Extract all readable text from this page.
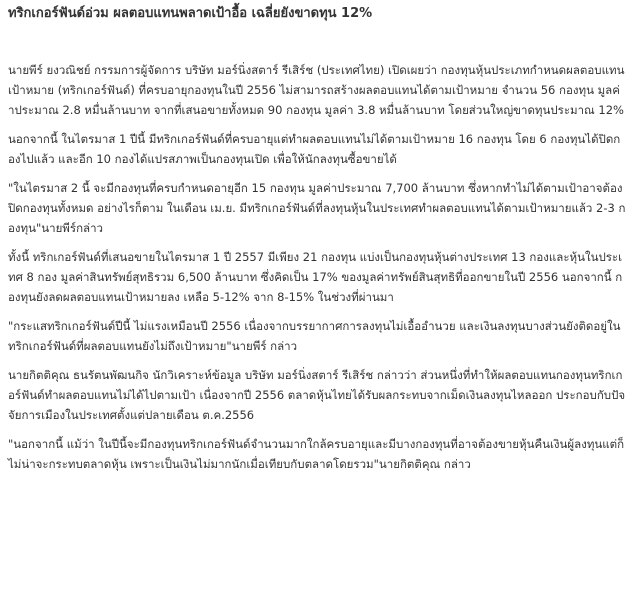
ทริกเกอร์ฟันด์อ่วม ผลตอบแทนพลาดเป้าอื้อ เฉลี่ยยังขาดทุน 12%

นายพีร์ ยงวณิชย์ กรรมการผู้จัดการ บริษัท มอร์นิ่งสตาร์ รีเสิร์ช (ประเทศไทย) เปิดเผยว่า กองทุนหุ้นประเภทกำหนดผลตอบแทนเป้าหมาย (ทริกเกอร์ฟันด์) ที่ครบอายุกองทุนในปี 2556 ไม่สามารถสร้างผลตอบแทนได้ตามเป้าหมาย จำนวน 56 กองทุน มูลค่าประมาณ 2.8 หมื่นล้านบาท จากที่เสนอขายทั้งหมด 90 กองทุน มูลค่า 3.8 หมื่นล้านบาท โดยส่วนใหญ่ขาดทุนประมาณ 12%

นอกจากนี้ ในไตรมาส 1 ปีนี้ มีทริกเกอร์ฟันด์ที่ครบอายุแต่ทำผลตอบแทนไม่ได้ตามเป้าหมาย 16 กองทุน โดย 6 กองทุนได้ปิดกองไปแล้ว และอีก 10 กองได้แปรสภาพเป็นกองทุนเปิด เพื่อให้นักลงทุนซื้อขายได้

"ในไตรมาส 2 นี้ จะมีกองทุนที่ครบกำหนดอายุอีก 15 กองทุน มูลค่าประมาณ 7,700 ล้านบาท ซึ่งหากทำไม่ได้ตามเป้าอาจต้องปิดกองทุนทั้งหมด อย่างไรก็ตาม ในเดือน เม.ย. มีทริกเกอร์ฟันด์ที่ลงทุนหุ้นในประเทศทำผลตอบแทนได้ตามเป้าหมายแล้ว 2-3 กองทุน"นายพีร์กล่าว

ทั้งนี้ ทริกเกอร์ฟันด์ที่เสนอขายในไตรมาส 1 ปี 2557 มีเพียง 21 กองทุน แบ่งเป็นกองทุนหุ้นต่างประเทศ 13 กองและหุ้นในประเทศ 8 กอง มูลค่าสินทรัพย์สุทธิรวม 6,500 ล้านบาท ซึ่งคิดเป็น 17% ของมูลค่าทรัพย์สินสุทธิที่ออกขายในปี 2556 นอกจากนี้ กองทุนยังลดผลตอบแทนเป้าหมายลง เหลือ 5-12% จาก 8-15% ในช่วงที่ผ่านมา

"กระแสทริกเกอร์ฟันด์ปีนี้ ไม่แรงเหมือนปี 2556 เนื่องจากบรรยากาศการลงทุนไม่เอื้ออำนวย และเงินลงทุนบางส่วนยังติดอยู่ในทริกเกอร์ฟันด์ที่ผลตอบแทนยังไม่ถึงเป้าหมาย"นายพีร์ กล่าว

นายกิตติคุณ ธนรัตนพัฒนกิจ นักวิเคราะห์ข้อมูล บริษัท มอร์นิ่งสตาร์ รีเสิร์ช กล่าวว่า ส่วนหนึ่งที่ทำให้ผลตอบแทนกองทุนทริกเกอร์ฟันด์ทำผลตอบแทนไม่ได้ไปตามเป้า เนื่องจากปี 2556 ตลาดหุ้นไทยได้รับผลกระทบจากเม็ดเงินลงทุนไหลออก ประกอบกับปัจจัยการเมืองในประเทศตั้งแต่ปลายเดือน ต.ค.2556

"นอกจากนี้ แม้ว่า ในปีนี้จะมีกองทุนทริกเกอร์ฟันด์จำนวนมากใกล้ครบอายุและมีบางกองทุนที่อาจต้องขายหุ้นคืนเงินผู้ลงทุนแต่ก็ไม่น่าจะกระทบตลาดหุ้น เพราะเป็นเงินไม่มากนักเมื่อเทียบกับตลาดโดยรวม"นายกิตติคุณ กล่าว
